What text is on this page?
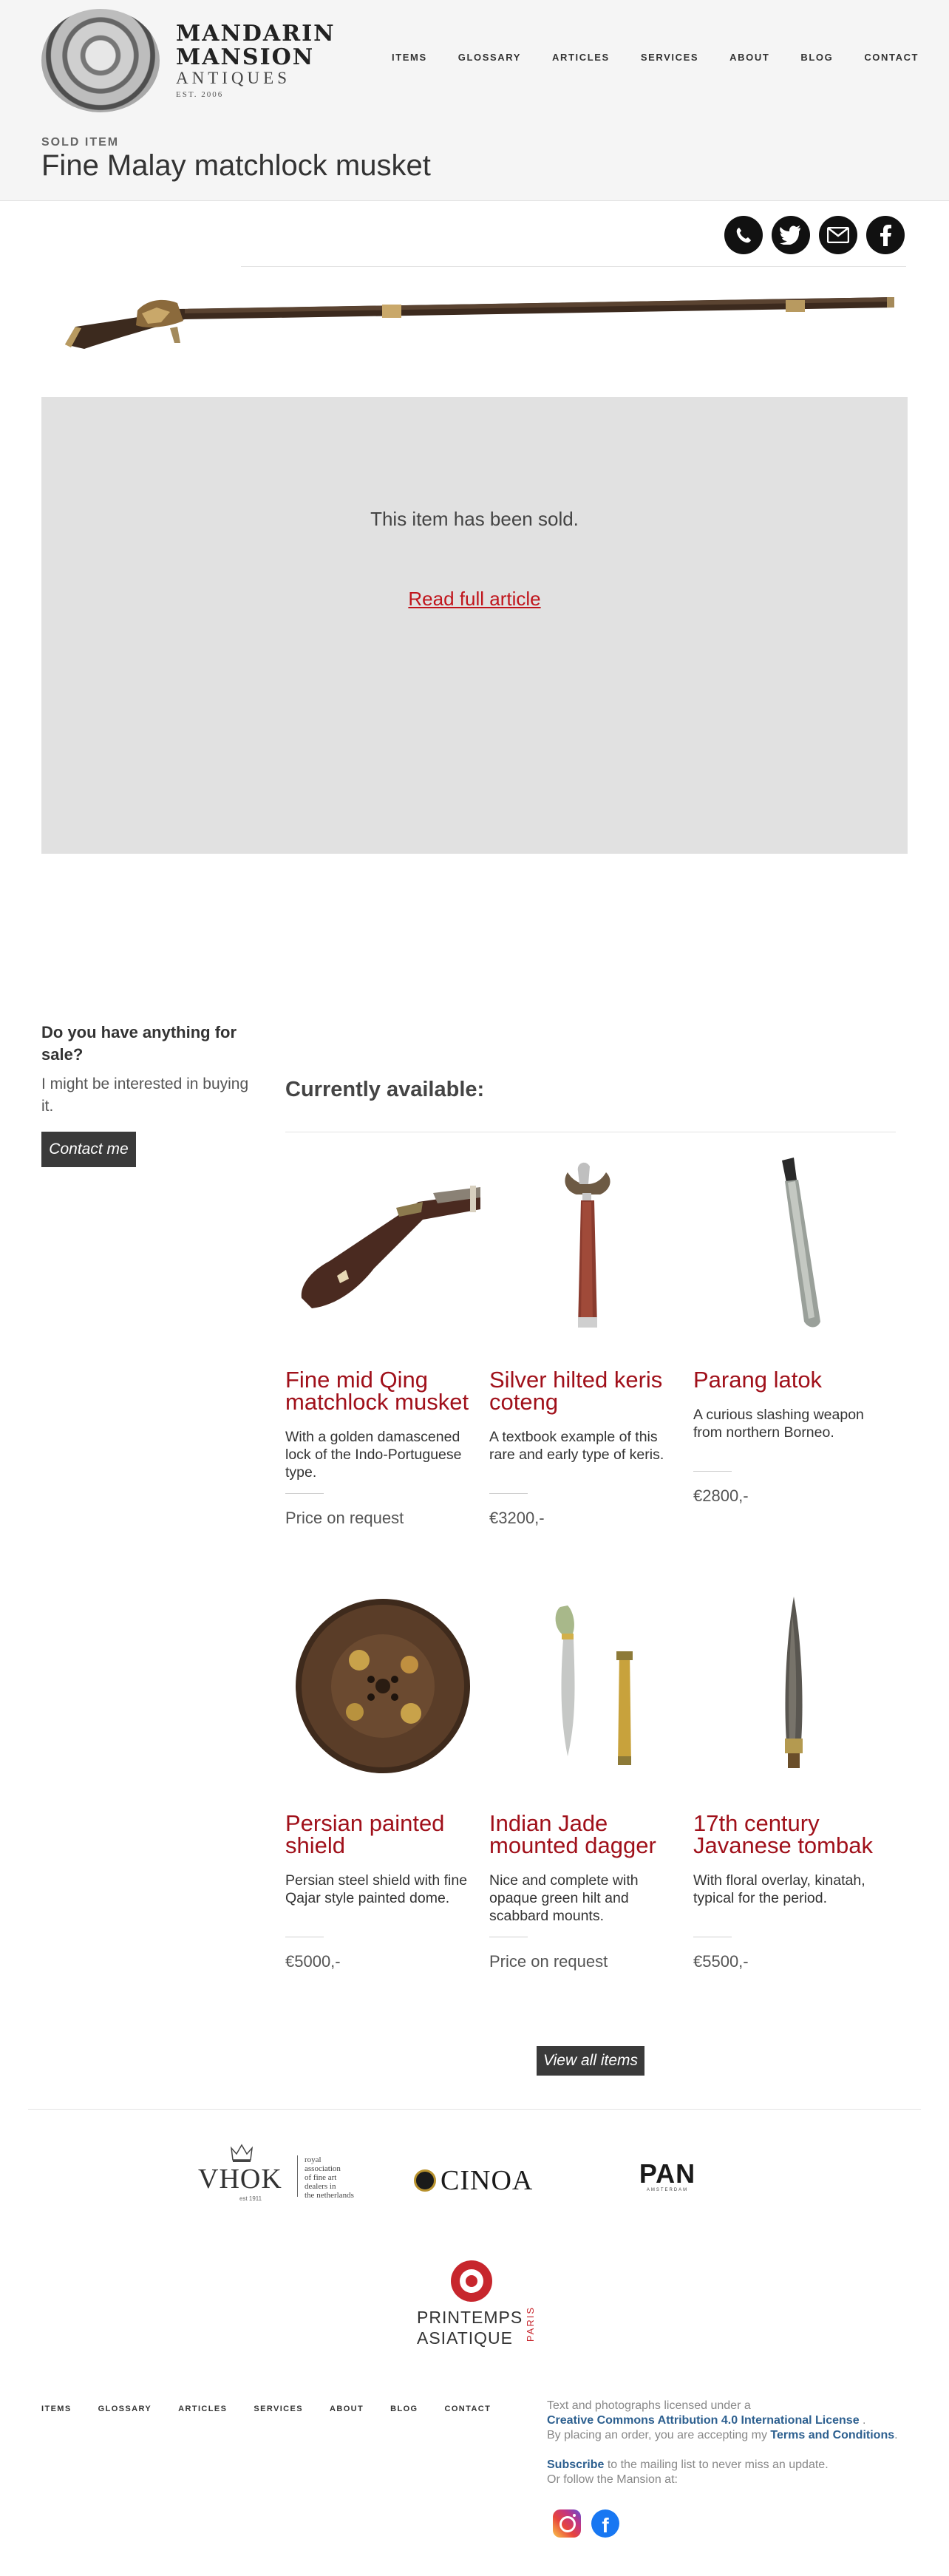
MANDARIN
MANSION
ANTIQUES
EST. 2006
ITEMS	GLOSSARY	ARTICLES	SERVICES	ABOUT	BLOG	CONTACT
SOLD ITEM
Fine Malay matchlock musket
This item has been sold.
Read full article
Do you have anything for sale?
I might be interested in buying it.
Contact me
Currently available:
Fine mid Qing matchlock musket
With a golden damascened lock of the Indo-Portuguese type.
Price on request
Silver hilted keris coteng
A textbook example of this rare and early type of keris.
€3200,-
Parang latok
A curious slashing weapon from northern Borneo.
€2800,-
Persian painted shield
Persian steel shield with fine Qajar style painted dome.
€5000,-
Indian Jade mounted dagger
Nice and complete with opaque green hilt and scabbard mounts.
Price on request
17th century Javanese tombak
With floral overlay, kinatah, typical for the period.
€5500,-
View all items
VHOK
est 1911
royal
association
of fine art
dealers in
the netherlands	CINOA	PAN
AMSTERDAM
PRINTEMPS
ASIATIQUE PARIS
ITEMS	GLOSSARY	ARTICLES	SERVICES	ABOUT	BLOG	CONTACT	Text and photographs licensed under a
Creative Commons Attribution 4.0 International License .
By placing an order, you are accepting my Terms and Conditions.
Subscribe to the mailing list to never miss an update.
Or follow the Mansion at:
f
